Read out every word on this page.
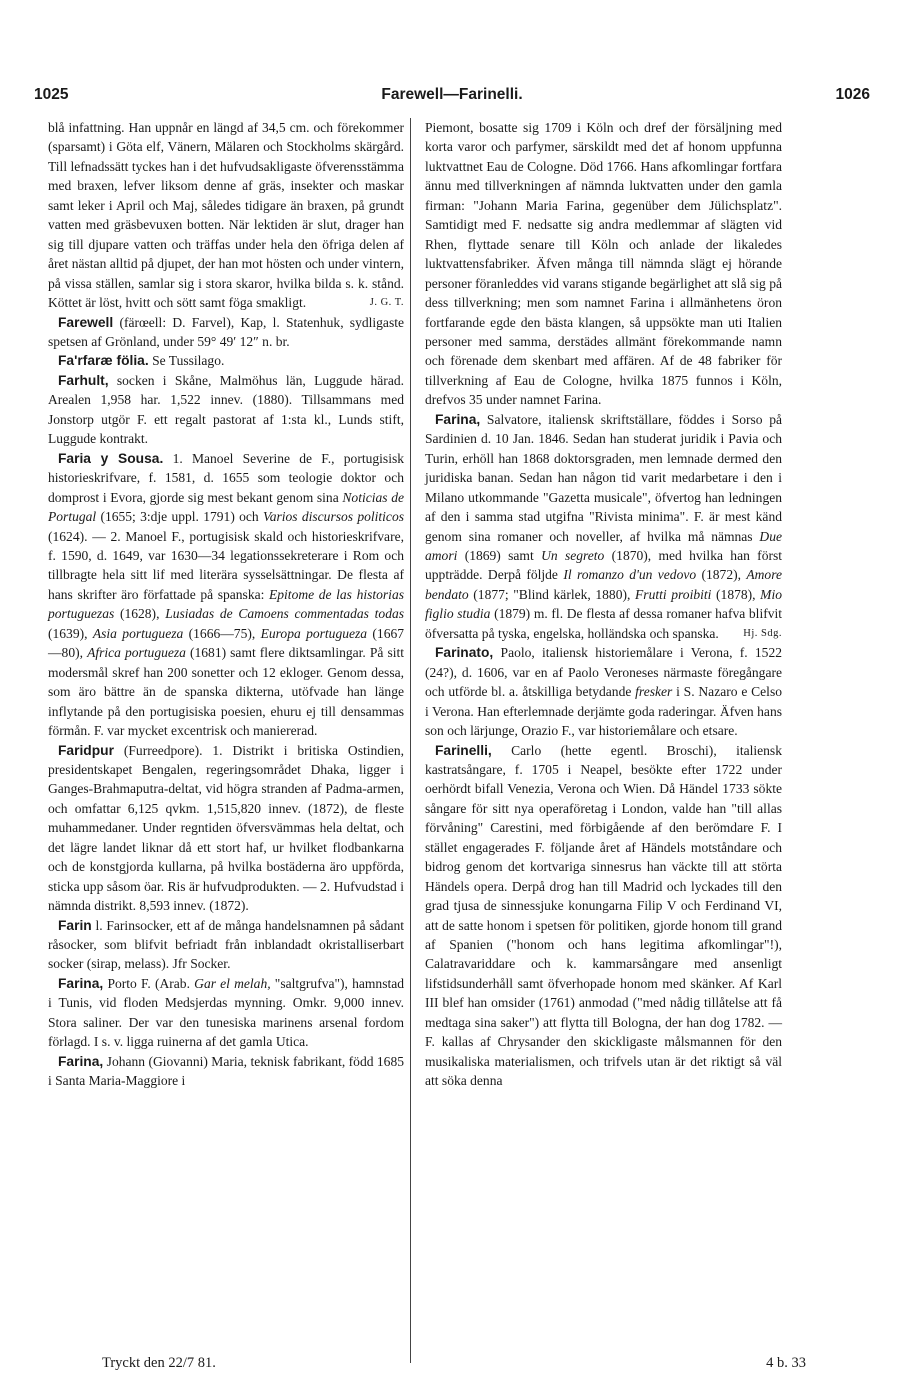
1025	Farewell—Farinelli.	1026

blå infattning. Han uppnår en längd af 34,5 cm. och förekommer (sparsamt) i Göta elf, Vänern, Mälaren och Stockholms skärgård. Till lefnadssätt tyckes han i det hufvudsakligaste öfverensstämma med braxen, lefver liksom denne af gräs, insekter och maskar samt leker i April och Maj, således tidigare än braxen, på grundt vatten med gräsbevuxen botten. När lektiden är slut, drager han sig till djupare vatten och träffas under hela den öfriga delen af året nästan alltid på djupet, der han mot hösten och under vintern, på vissa ställen, samlar sig i stora skaror, hvilka bilda s. k. stånd. Köttet är löst, hvitt och sött samt föga smakligt.	J. G. T.

Farewell (färœell: D. Farvel), Kap, l. Statenhuk, sydligaste spetsen af Grönland, under 59° 49′ 12″ n. br.

Fa'rfaræ fölia. Se Tussilago.

Farhult, socken i Skåne, Malmöhus län, Luggude härad. Arealen 1,958 har. 1,522 innev. (1880). Tillsammans med Jonstorp utgör F. ett regalt pastorat af 1:sta kl., Lunds stift, Luggude kontrakt.

Faria y Sousa. 1. Manoel Severine de F., portugisisk historieskrifvare, f. 1581, d. 1655 som teologie doktor och domprost i Evora, gjorde sig mest bekant genom sina Noticias de Portugal (1655; 3:dje uppl. 1791) och Varios discursos politicos (1624). — 2. Manoel F., portugisisk skald och historieskrifvare, f. 1590, d. 1649, var 1630—34 legationssekreterare i Rom och tillbragte hela sitt lif med literära sysselsättningar. De flesta af hans skrifter äro författade på spanska: Epitome de las historias portuguezas (1628), Lusiadas de Camoens commentadas todas (1639), Asia portugueza (1666—75), Europa portugueza (1667—80), Africa portugueza (1681) samt flere diktsamlingar. På sitt modersmål skref han 200 sonetter och 12 ekloger. Genom dessa, som äro bättre än de spanska dikterna, utöfvade han länge inflytande på den portugisiska poesien, ehuru ej till densammas förmån. F. var mycket excentrisk och maniererad.

Faridpur (Furreedpore). 1. Distrikt i britiska Ostindien, presidentskapet Bengalen, regeringsområdet Dhaka, ligger i Ganges-Brahmaputra-deltat, vid högra stranden af Padma-armen, och omfattar 6,125 qvkm. 1,515,820 innev. (1872), de fleste muhammedaner. Under regntiden öfversvämmas hela deltat, och det lägre landet liknar då ett stort haf, ur hvilket flodbankarna och de konstgjorda kullarna, på hvilka bostäderna äro uppförda, sticka upp såsom öar. Ris är hufvudprodukten. — 2. Hufvudstad i nämnda distrikt. 8,593 innev. (1872).

Farin l. Farinsocker, ett af de många handelsnamnen på sådant råsocker, som blifvit befriadt från inblandadt okristalliserbart socker (sirap, melass). Jfr Socker.

Farina, Porto F. (Arab. Gar el melah, "saltgrufva"), hamnstad i Tunis, vid floden Medsjerdas mynning. Omkr. 9,000 innev. Stora saliner. Der var den tunesiska marinens arsenal fordom förlagd. I s. v. ligga ruinerna af det gamla Utica.

Farina, Johann (Giovanni) Maria, teknisk fabrikant, född 1685 i Santa Maria-Maggiore i

Piemont, bosatte sig 1709 i Köln och dref der försäljning med korta varor och parfymer, särskildt med det af honom uppfunna luktvattnet Eau de Cologne. Död 1766. Hans afkomlingar fortfara ännu med tillverkningen af nämnda luktvatten under den gamla firman: "Johann Maria Farina, gegenüber dem Jülichsplatz". Samtidigt med F. nedsatte sig andra medlemmar af slägten vid Rhen, flyttade senare till Köln och anlade der likaledes luktvattensfabriker. Äfven många till nämnda slägt ej hörande personer föranleddes vid varans stigande begärlighet att slå sig på dess tillverkning; men som namnet Farina i allmänhetens öron fortfarande egde den bästa klangen, så uppsökte man uti Italien personer med samma, derstädes allmänt förekommande namn och förenade dem skenbart med affären. Af de 48 fabriker för tillverkning af Eau de Cologne, hvilka 1875 funnos i Köln, drefvos 35 under namnet Farina.

Farina, Salvatore, italiensk skriftställare, föddes i Sorso på Sardinien d. 10 Jan. 1846. Sedan han studerat juridik i Pavia och Turin, erhöll han 1868 doktorsgraden, men lemnade dermed den juridiska banan. Sedan han någon tid varit medarbetare i den i Milano utkommande "Gazetta musicale", öfvertog han ledningen af den i samma stad utgifna "Rivista minima". F. är mest känd genom sina romaner och noveller, af hvilka må nämnas Due amori (1869) samt Un segreto (1870), med hvilka han först uppträdde. Derpå följde Il romanzo d'un vedovo (1872), Amore bendato (1877; "Blind kärlek, 1880), Frutti proibiti (1878), Mio figlio studia (1879) m. fl. De flesta af dessa romaner hafva blifvit öfversatta på tyska, engelska, holländska och spanska.	Hj. Sdg.

Farinato, Paolo, italiensk historiemålare i Verona, f. 1522 (24?), d. 1606, var en af Paolo Veroneses närmaste föregångare och utförde bl. a. åtskilliga betydande fresker i S. Nazaro e Celso i Verona. Han efterlemnade derjämte goda raderingar. Äfven hans son och lärjunge, Orazio F., var historiemålare och etsare.

Farinelli, Carlo (hette egentl. Broschi), italiensk kastratsångare, f. 1705 i Neapel, besökte efter 1722 under oerhördt bifall Venezia, Verona och Wien. Då Händel 1733 sökte sångare för sitt nya operaföretag i London, valde han "till allas förvåning" Carestini, med förbigående af den berömdare F. I stället engagerades F. följande året af Händels motståndare och bidrog genom det kortvariga sinnesrus han väckte till att störta Händels opera. Derpå drog han till Madrid och lyckades till den grad tjusa de sinnessjuke konungarna Filip V och Ferdinand VI, att de satte honom i spetsen för politiken, gjorde honom till grand af Spanien ("honom och hans legitima afkomlingar"!), Calatravariddare och k. kammarsångare med ansenligt lifstidsunderhåll samt öfverhopade honom med skänker. Af Karl III blef han omsider (1761) anmodad ("med nådig tillåtelse att få medtaga sina saker") att flytta till Bologna, der han dog 1782. — F. kallas af Chrysander den skickligaste målsmannen för den musikaliska materialismen, och trifvels utan är det riktigt så väl att söka denna

Tryckt den 22/7 81.	4 b. 33
